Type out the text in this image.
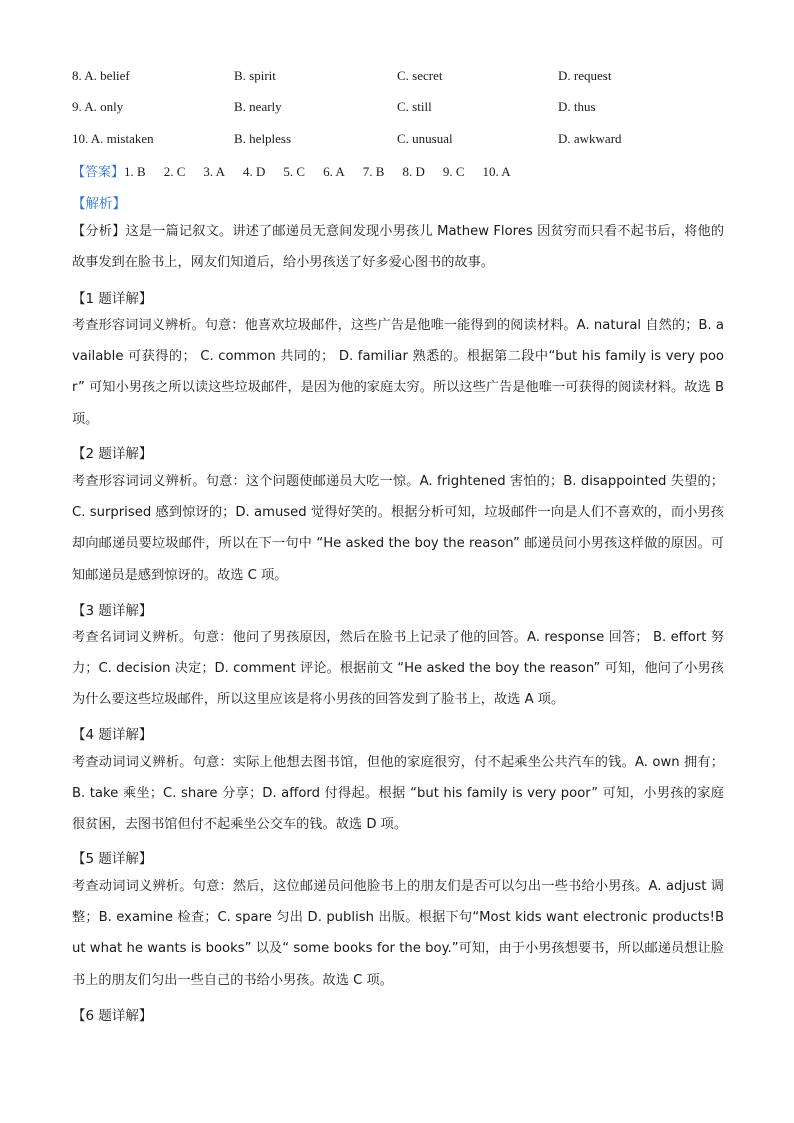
8. A. belief	B. spirit	C. secret	D. request
9. A. only	B. nearly	C. still	D. thus
10. A. mistaken	B. helpless	C. unusual	D. awkward
【答案】1. B 2. C 3. A 4. D 5. C 6. A 7. B 8. D 9. C 10. A
【解析】
【分析】这是一篇记叙文。讲述了邮递员无意间发现小男孩儿 Mathew Flores 因贫穷而只看不起书后，将他的故事发到在脸书上，网友们知道后，给小男孩送了好多爱心图书的故事。
【1 题详解】
考查形容词词义辨析。句意：他喜欢垃圾邮件，这些广告是他唯一能得到的阅读材料。A. natural 自然的；B. available 可获得的； C. common 共同的； D. familiar 熟悉的。根据第二段中“but his family is very poor” 可知小男孩之所以读这些垃圾邮件，是因为他的家庭太穷。所以这些广告是他唯一可获得的阅读材料。故选 B 项。
【2 题详解】
考查形容词词义辨析。句意：这个问题使邮递员大吃一惊。A. frightened 害怕的；B. disappointed 失望的；C. surprised 感到惊讶的；D. amused 觉得好笑的。根据分析可知，垃圾邮件一向是人们不喜欢的，而小男孩却向邮递员要垃圾邮件，所以在下一句中 “He asked the boy the reason” 邮递员问小男孩这样做的原因。可知邮递员是感到惊讶的。故选 C 项。
【3 题详解】
考查名词词义辨析。句意：他问了男孩原因，然后在脸书上记录了他的回答。A. response 回答； B. effort 努力；C. decision 决定；D. comment 评论。根据前文 “He asked the boy the reason” 可知，他问了小男孩为什么要这些垃圾邮件，所以这里应该是将小男孩的回答发到了脸书上，故选 A 项。
【4 题详解】
考查动词词义辨析。句意：实际上他想去图书馆，但他的家庭很穷，付不起乘坐公共汽车的钱。A. own 拥有； B. take 乘坐；C. share 分享；D. afford 付得起。根据 “but his family is very poor” 可知，小男孩的家庭很贫困，去图书馆但付不起乘坐公交车的钱。故选 D 项。
【5 题详解】
考查动词词义辨析。句意：然后，这位邮递员问他脸书上的朋友们是否可以匀出一些书给小男孩。A. adjust 调整；B. examine 检查；C. spare 匀出 D. publish 出版。根据下句“Most kids want electronic products!But what he wants is books” 以及“ some books for the boy.”可知，由于小男孩想要书，所以邮递员想让脸书上的朋友们匀出一些自己的书给小男孩。故选 C 项。
【6 题详解】
